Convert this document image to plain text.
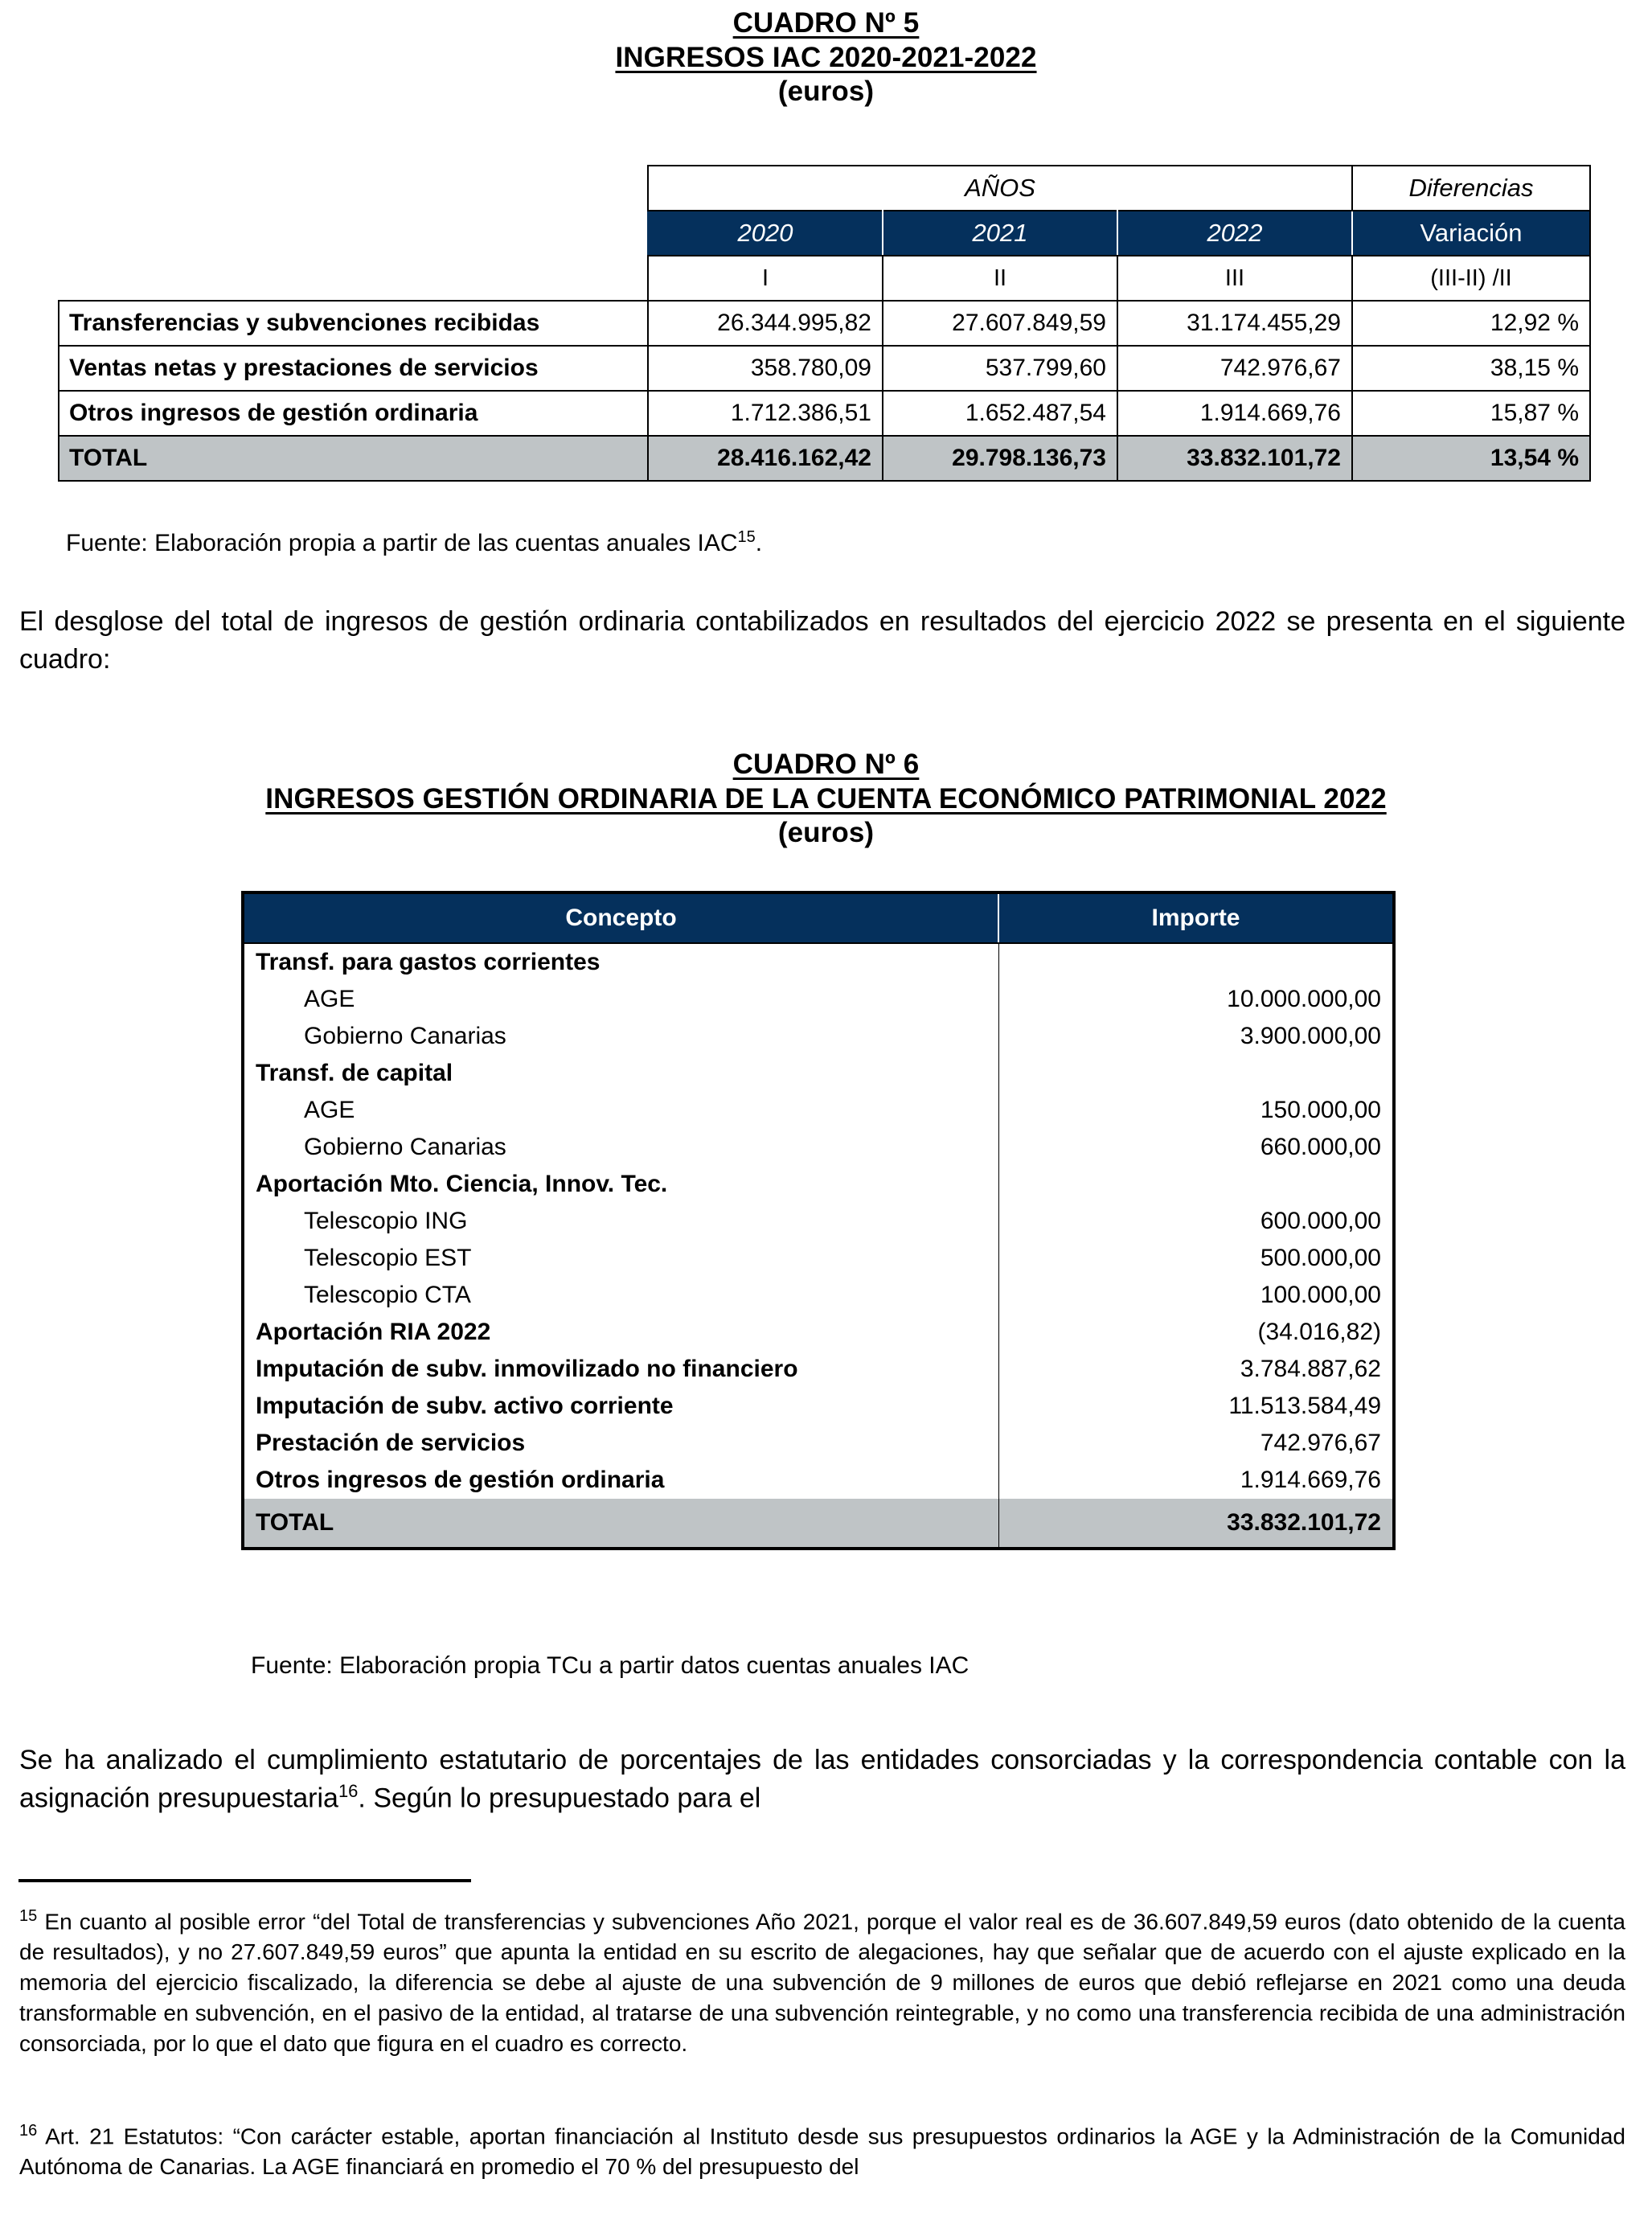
CUADRO Nº 5
INGRESOS IAC 2020-2021-2022
(euros)
	AÑOS			Diferencias
	2020	2021	2022	Variación
	I	II	III	(III-II) /II
Transferencias y subvenciones recibidas	26.344.995,82	27.607.849,59	31.174.455,29	12,92 %
Ventas netas y prestaciones de servicios	358.780,09	537.799,60	742.976,67	38,15 %
Otros ingresos de gestión ordinaria	1.712.386,51	1.652.487,54	1.914.669,76	15,87 %
TOTAL	28.416.162,42	29.798.136,73	33.832.101,72	13,54 %
Fuente: Elaboración propia a partir de las cuentas anuales IAC$^{15}$.
El desglose del total de ingresos de gestión ordinaria contabilizados en resultados del ejercicio 2022 se presenta en el siguiente cuadro:
CUADRO Nº 6
INGRESOS GESTIÓN ORDINARIA DE LA CUENTA ECONÓMICO PATRIMONIAL 2022
(euros)
Concepto	Importe
Transf. para gastos corrientes	
AGE	10.000.000,00
Gobierno Canarias	3.900.000,00
Transf. de capital	
AGE	150.000,00
Gobierno Canarias	660.000,00
Aportación Mto. Ciencia, Innov. Tec.	
Telescopio ING	600.000,00
Telescopio EST	500.000,00
Telescopio CTA	100.000,00
Aportación RIA 2022	(34.016,82)
Imputación de subv. inmovilizado no financiero	3.784.887,62
Imputación de subv. activo corriente	11.513.584,49
Prestación de servicios	742.976,67
Otros ingresos de gestión ordinaria	1.914.669,76
TOTAL	33.832.101,72
Fuente: Elaboración propia TCu a partir datos cuentas anuales IAC
Se ha analizado el cumplimiento estatutario de porcentajes de las entidades consorciadas y la correspondencia contable con la asignación presupuestaria$^{16}$. Según lo presupuestado para el
$^{15}$ En cuanto al posible error “del Total de transferencias y subvenciones Año 2021, porque el valor real es de 36.607.849,59 euros (dato obtenido de la cuenta de resultados), y no 27.607.849,59 euros” que apunta la entidad en su escrito de alegaciones, hay que señalar que de acuerdo con el ajuste explicado en la memoria del ejercicio fiscalizado, la diferencia se debe al ajuste de una subvención de 9 millones de euros que debió reflejarse en 2021 como una deuda transformable en subvención, en el pasivo de la entidad, al tratarse de una subvención reintegrable, y no como una transferencia recibida de una administración consorciada, por lo que el dato que figura en el cuadro es correcto.
$^{16}$ Art. 21 Estatutos: “Con carácter estable, aportan financiación al Instituto desde sus presupuestos ordinarios la AGE y la Administración de la Comunidad Autónoma de Canarias. La AGE financiará en promedio el 70 % del presupuesto del
